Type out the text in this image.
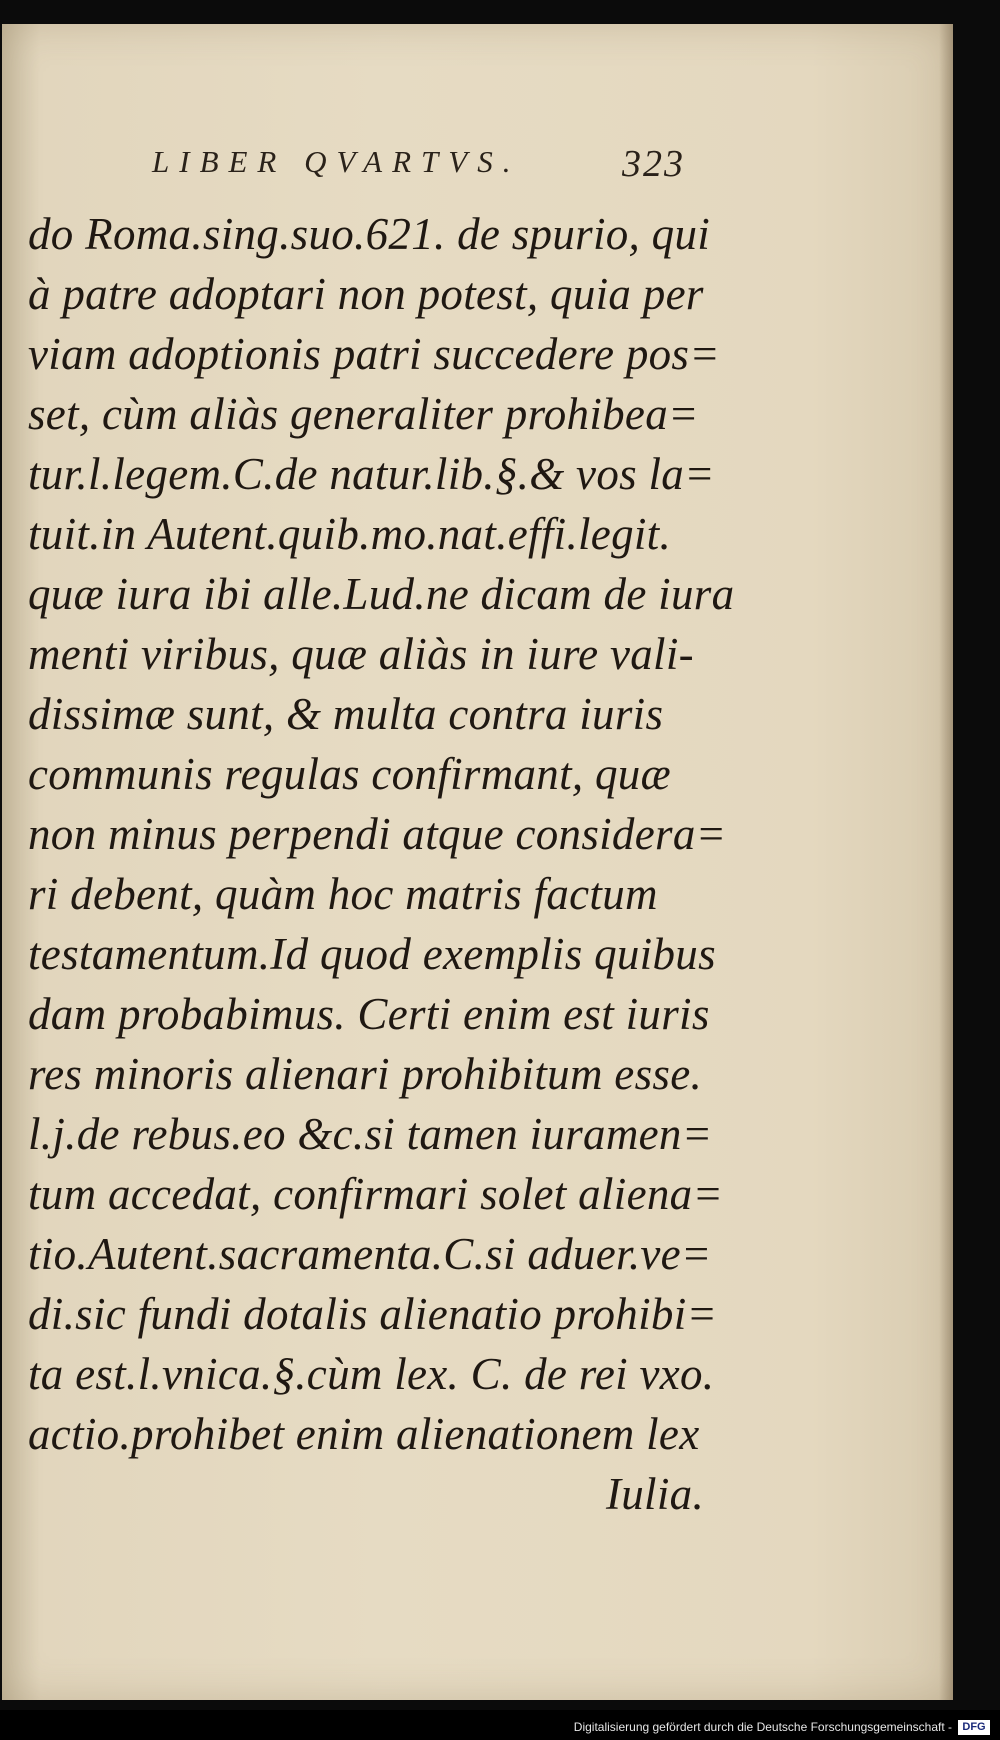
LIBER QVARTVS.	323
do Roma.sing.suo.621. de spurio, qui
à patre adoptari non potest, quia per
viam adoptionis patri succedere pos=
set, cùm aliàs generaliter prohibea=
tur.l.legem.C.de natur.lib.§.& vos la=
tuit.in Autent.quib.mo.nat.effi.legit.
quæ iura ibi alle.Lud.ne dicam de iura
menti viribus, quæ aliàs in iure vali-
dissimæ sunt, & multa contra iuris
communis regulas confirmant, quæ
non minus perpendi atque considera=
ri debent, quàm hoc matris factum
testamentum.Id quod exemplis quibus
dam probabimus. Certi enim est iuris
res minoris alienari prohibitum esse.
l.j.de rebus.eo &c.si tamen iuramen=
tum accedat, confirmari solet aliena=
tio.Autent.sacramenta.C.si aduer.ve=
di.sic fundi dotalis alienatio prohibi=
ta est.l.vnica.§.cùm lex. C. de rei vxo.
actio.prohibet enim alienationem lex
Iulia.
Digitalisierung gefördert durch die Deutsche Forschungsgemeinschaft - DFG
